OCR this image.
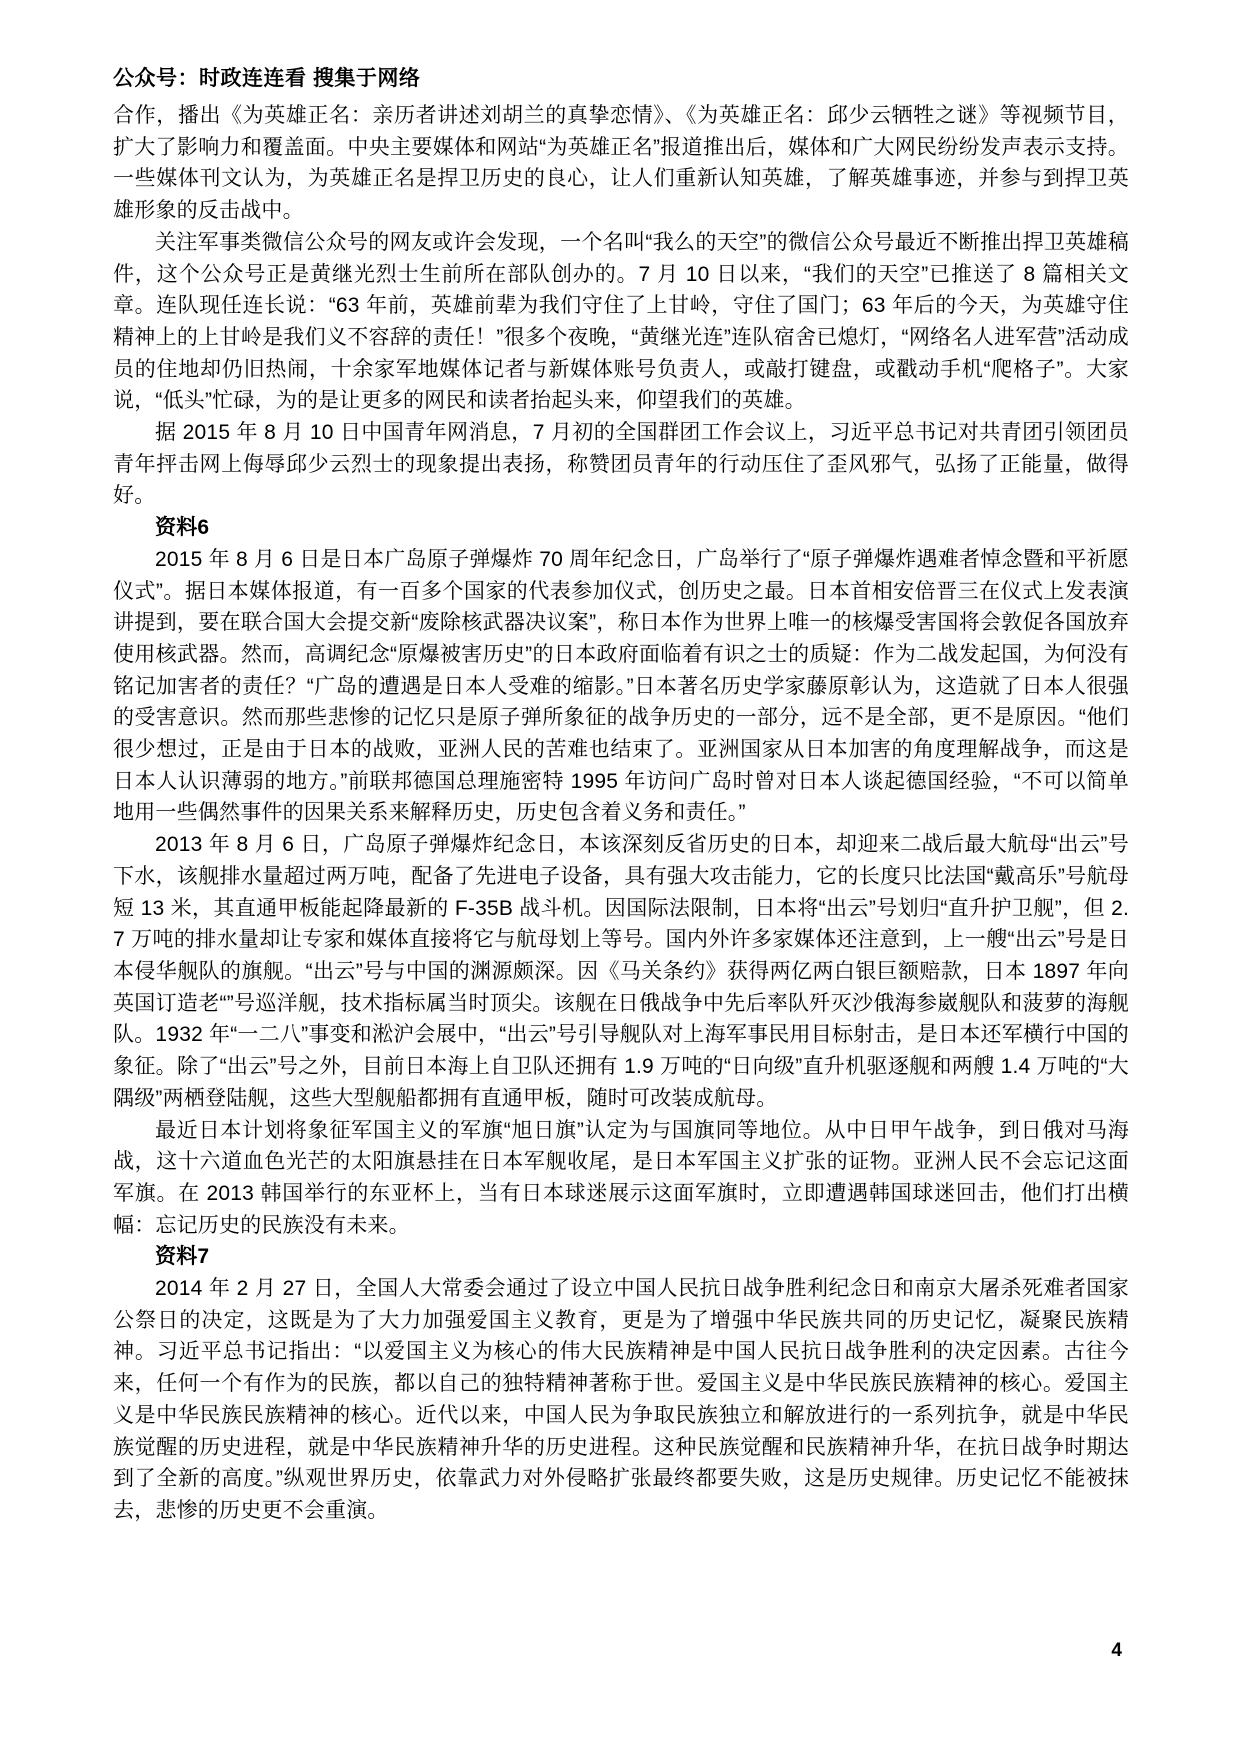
公众号：时政连连看 搜集于网络

合作，播出《为英雄正名：亲历者讲述刘胡兰的真挚恋情》、《为英雄正名：邱少云牺牲之谜》等视频节目，扩大了影响力和覆盖面。中央主要媒体和网站“为英雄正名”报道推出后，媒体和广大网民纷纷发声表示支持。一些媒体刊文认为，为英雄正名是捍卫历史的良心，让人们重新认知英雄，了解英雄事迹，并参与到捍卫英雄形象的反击战中。

关注军事类微信公众号的网友或许会发现，一个名叫“我么的天空”的微信公众号最近不断推出捍卫英雄稿件，这个公众号正是黄继光烈士生前所在部队创办的。7 月 10 日以来，“我们的天空”已推送了 8 篇相关文章。连队现任连长说：“63 年前，英雄前辈为我们守住了上甘岭，守住了国门；63 年后的今天，为英雄守住精神上的上甘岭是我们义不容辞的责任！”很多个夜晚，“黄继光连”连队宿舍已熄灯，“网络名人进军营”活动成员的住地却仍旧热闹，十余家军地媒体记者与新媒体账号负责人，或敲打键盘，或戳动手机“爬格子”。大家说，“低头”忙碌，为的是让更多的网民和读者抬起头来，仰望我们的英雄。

据 2015 年 8 月 10 日中国青年网消息，7 月初的全国群团工作会议上，习近平总书记对共青团引领团员青年抨击网上侮辱邱少云烈士的现象提出表扬，称赞团员青年的行动压住了歪风邪气，弘扬了正能量，做得好。

资料6

2015 年 8 月 6 日是日本广岛原子弹爆炸 70 周年纪念日，广岛举行了“原子弹爆炸遇难者悼念暨和平祈愿仪式”。据日本媒体报道，有一百多个国家的代表参加仪式，创历史之最。日本首相安倍晋三在仪式上发表演讲提到，要在联合国大会提交新“废除核武器决议案”，称日本作为世界上唯一的核爆受害国将会敦促各国放弃使用核武器。然而，高调纪念“原爆被害历史”的日本政府面临着有识之士的质疑：作为二战发起国，为何没有铭记加害者的责任？“广岛的遭遇是日本人受难的缩影。”日本著名历史学家藤原彰认为，这造就了日本人很强的受害意识。然而那些悲惨的记忆只是原子弹所象征的战争历史的一部分，远不是全部，更不是原因。“他们很少想过，正是由于日本的战败，亚洲人民的苦难也结束了。亚洲国家从日本加害的角度理解战争，而这是日本人认识薄弱的地方。”前联邦德国总理施密特 1995 年访问广岛时曾对日本人谈起德国经验，“不可以简单地用一些偶然事件的因果关系来解释历史，历史包含着义务和责任。”

2013 年 8 月 6 日，广岛原子弹爆炸纪念日，本该深刻反省历史的日本，却迎来二战后最大航母“出云”号下水，该舰排水量超过两万吨，配备了先进电子设备，具有强大攻击能力，它的长度只比法国“戴高乐”号航母短 13 米，其直通甲板能起降最新的 F-35B 战斗机。因国际法限制，日本将“出云”号划归“直升护卫舰”，但 2.7 万吨的排水量却让专家和媒体直接将它与航母划上等号。国内外许多家媒体还注意到，上一艘“出云”号是日本侵华舰队的旗舰。“出云”号与中国的渊源颇深。因《马关条约》获得两亿两白银巨额赔款，日本 1897 年向英国订造老“”号巡洋舰，技术指标属当时顶尖。该舰在日俄战争中先后率队歼灭沙俄海参崴舰队和菠萝的海舰队。1932 年“一二八”事变和淞沪会展中，“出云”号引导舰队对上海军事民用目标射击，是日本还军横行中国的象征。除了“出云”号之外，目前日本海上自卫队还拥有 1.9 万吨的“日向级”直升机驱逐舰和两艘 1.4 万吨的“大隅级”两栖登陆舰，这些大型舰船都拥有直通甲板，随时可改装成航母。

最近日本计划将象征军国主义的军旗“旭日旗”认定为与国旗同等地位。从中日甲午战争，到日俄对马海战，这十六道血色光芒的太阳旗悬挂在日本军舰收尾，是日本军国主义扩张的证物。亚洲人民不会忘记这面军旗。在 2013 韩国举行的东亚杯上，当有日本球迷展示这面军旗时，立即遭遇韩国球迷回击，他们打出横幅：忘记历史的民族没有未来。

资料7

2014 年 2 月 27 日，全国人大常委会通过了设立中国人民抗日战争胜利纪念日和南京大屠杀死难者国家公祭日的决定，这既是为了大力加强爱国主义教育，更是为了增强中华民族共同的历史记忆，凝聚民族精神。习近平总书记指出：“以爱国主义为核心的伟大民族精神是中国人民抗日战争胜利的决定因素。古往今来，任何一个有作为的民族，都以自己的独特精神著称于世。爱国主义是中华民族民族精神的核心。爱国主义是中华民族民族精神的核心。近代以来，中国人民为争取民族独立和解放进行的一系列抗争，就是中华民族觉醒的历史进程，就是中华民族精神升华的历史进程。这种民族觉醒和民族精神升华，在抗日战争时期达到了全新的高度。”纵观世界历史，依靠武力对外侵略扩张最终都要失败，这是历史规律。历史记忆不能被抹去，悲惨的历史更不会重演。

4
